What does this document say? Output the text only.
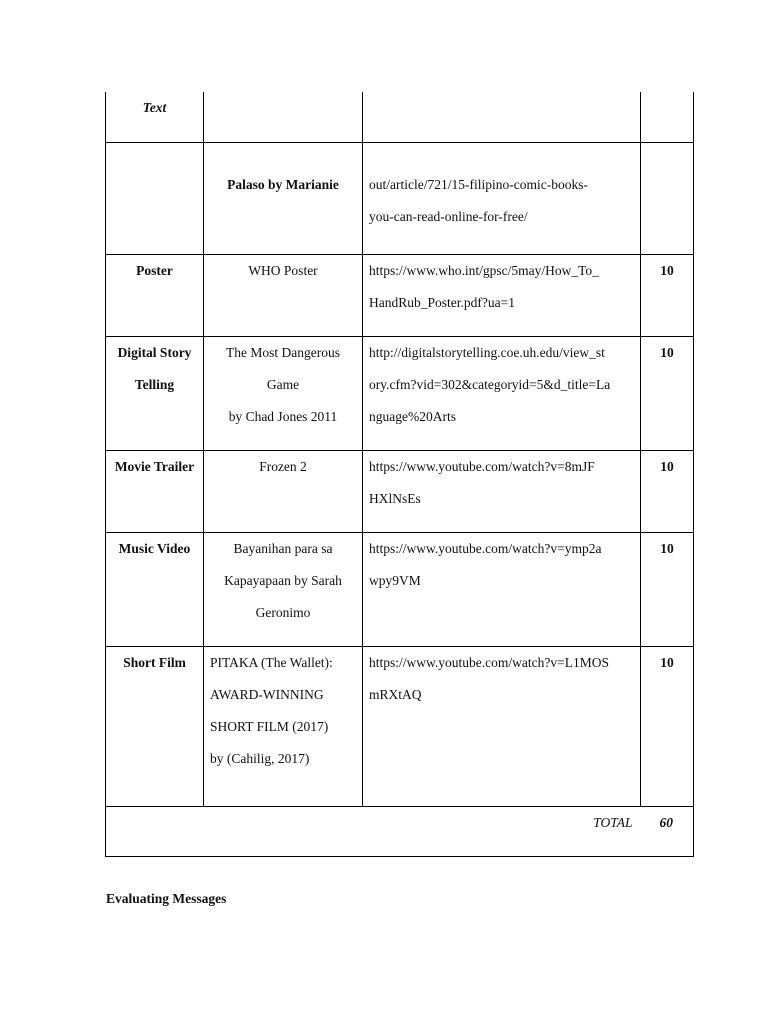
Text			
	Palaso by Marianie	out/article/721/15-filipino-comic-books-
you-can-read-online-for-free/	

Poster	WHO Poster	https://www.who.int/gpsc/5may/How_To_
HandRub_Poster.pdf?ua=1	10

Digital Story
Telling	The Most Dangerous
Game
by Chad Jones 2011	http://digitalstorytelling.coe.uh.edu/view_st
ory.cfm?vid=302&categoryid=5&d_title=La
nguage%20Arts	10

Movie Trailer	Frozen 2	https://www.youtube.com/watch?v=8mJF
HXlNsEs	10

Music Video	Bayanihan para sa
Kapayapaan by Sarah
Geronimo	https://www.youtube.com/watch?v=ymp2a
wpy9VM	10

Short Film	PITAKA (The Wallet):
AWARD-WINNING
SHORT FILM (2017)
by (Cahilig, 2017)	https://www.youtube.com/watch?v=L1MOS
mRXtAQ	10
TOTAL			60
Evaluating Messages
